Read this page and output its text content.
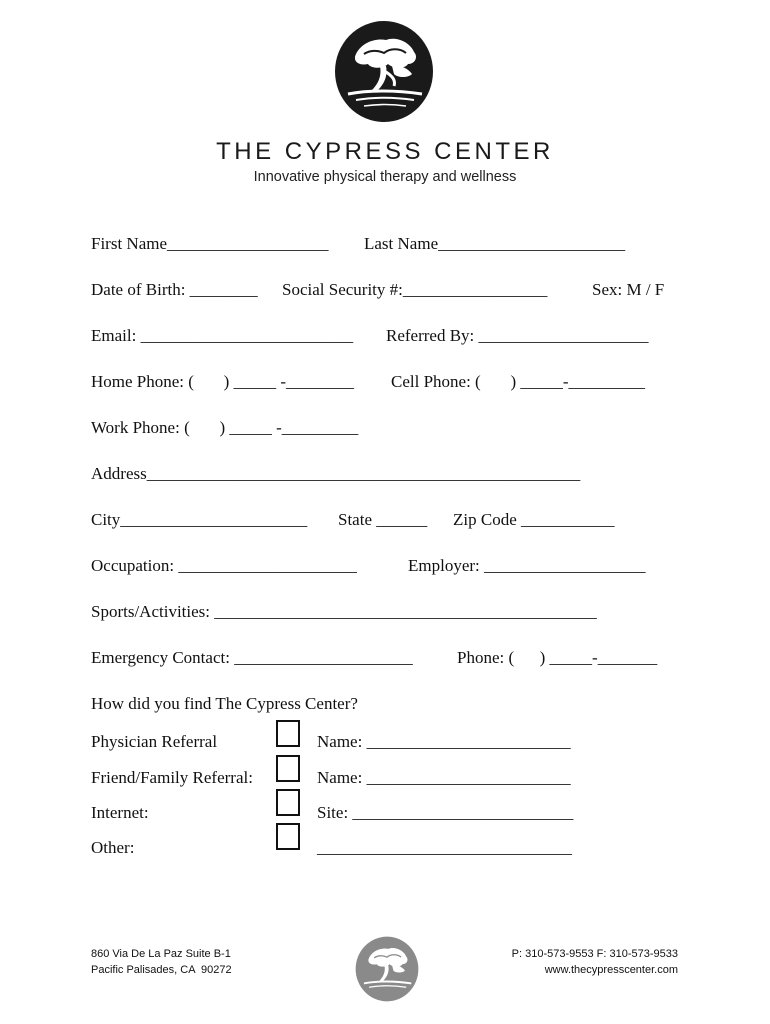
THE CYPRESS CENTER
Innovative physical therapy and wellness
First Name___________________ Last Name______________________
Date of Birth: ________ Social Security #:_________________	Sex: M / F
Email: _________________________ Referred By: ____________________
Home Phone: (       ) _____ -________ Cell Phone: (       ) _____-_________
Work Phone: (       ) _____ -_________
Address___________________________________________________
City______________________ State ______ Zip Code ___________
Occupation: _____________________	Employer: ___________________
Sports/Activities: _____________________________________________
Emergency Contact: _____________________	Phone: (      ) _____-_______
How did you find The Cypress Center?
Physician Referral	Name: ________________________
Friend/Family Referral:	Name: ________________________
Internet:	Site: __________________________
Other:	______________________________
860 Via De La Paz Suite B-1
Pacific Palisades, CA  90272
P: 310-573-9553 F: 310-573-9533
www.thecypresscenter.com
